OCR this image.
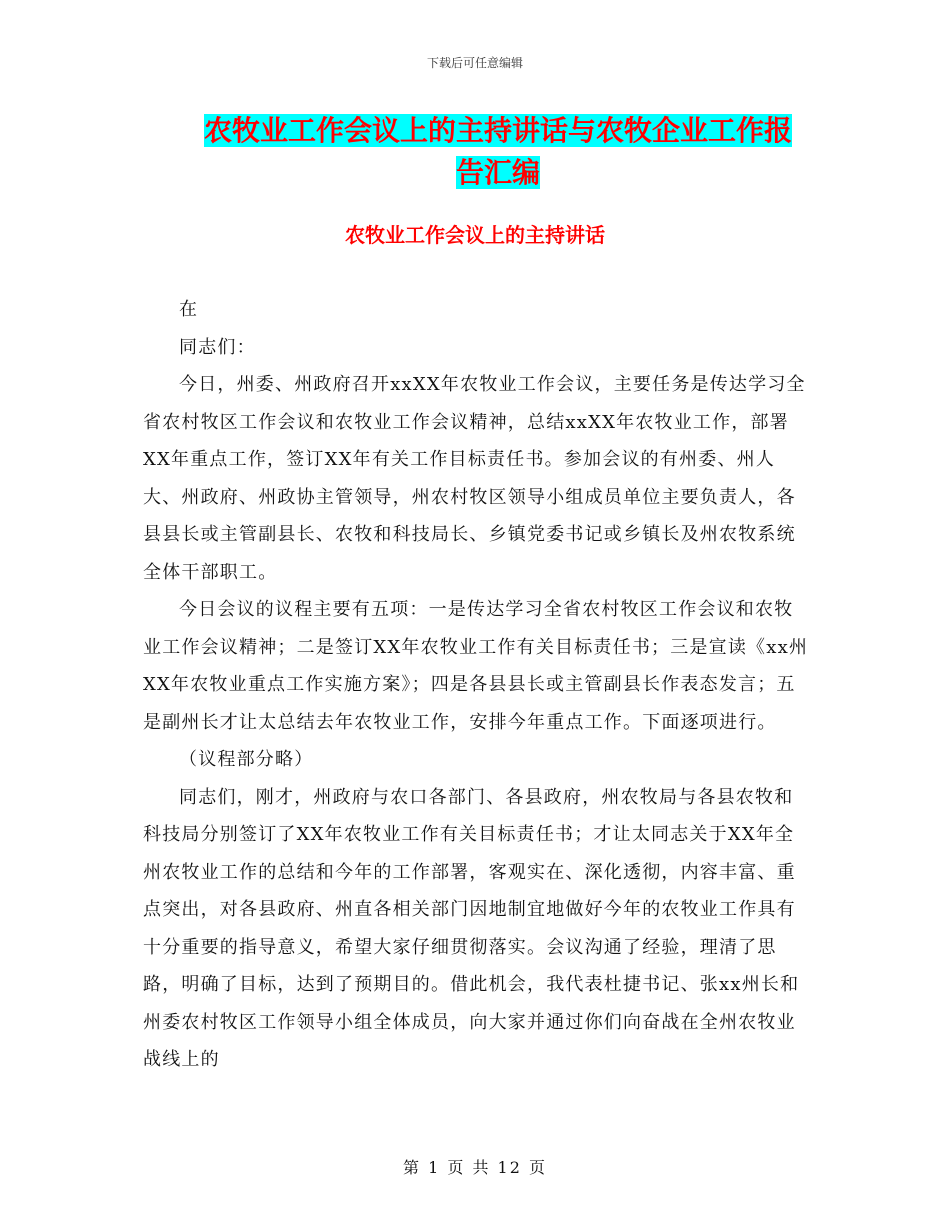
下载后可任意编辑
农牧业工作会议上的主持讲话与农牧企业工作报告汇编
农牧业工作会议上的主持讲话

在

同志们：

今日，州委、州政府召开xxXX年农牧业工作会议，主要任务是传达学习全省农村牧区工作会议和农牧业工作会议精神，总结xxXX年农牧业工作，部署XX年重点工作，签订XX年有关工作目标责任书。参加会议的有州委、州人大、州政府、州政协主管领导，州农村牧区领导小组成员单位主要负责人，各县县长或主管副县长、农牧和科技局长、乡镇党委书记或乡镇长及州农牧系统全体干部职工。

今日会议的议程主要有五项：一是传达学习全省农村牧区工作会议和农牧业工作会议精神；二是签订XX年农牧业工作有关目标责任书；三是宣读《xx州XX年农牧业重点工作实施方案》；四是各县县长或主管副县长作表态发言；五是副州长才让太总结去年农牧业工作，安排今年重点工作。下面逐项进行。

（议程部分略）

同志们，刚才，州政府与农口各部门、各县政府，州农牧局与各县农牧和科技局分别签订了XX年农牧业工作有关目标责任书；才让太同志关于XX年全州农牧业工作的总结和今年的工作部署，客观实在、深化透彻，内容丰富、重点突出，对各县政府、州直各相关部门因地制宜地做好今年的农牧业工作具有十分重要的指导意义，希望大家仔细贯彻落实。会议沟通了经验，理清了思路，明确了目标，达到了预期目的。借此机会，我代表杜捷书记、张xx州长和州委农村牧区工作领导小组全体成员，向大家并通过你们向奋战在全州农牧业战线上的

第 1 页 共 12 页
